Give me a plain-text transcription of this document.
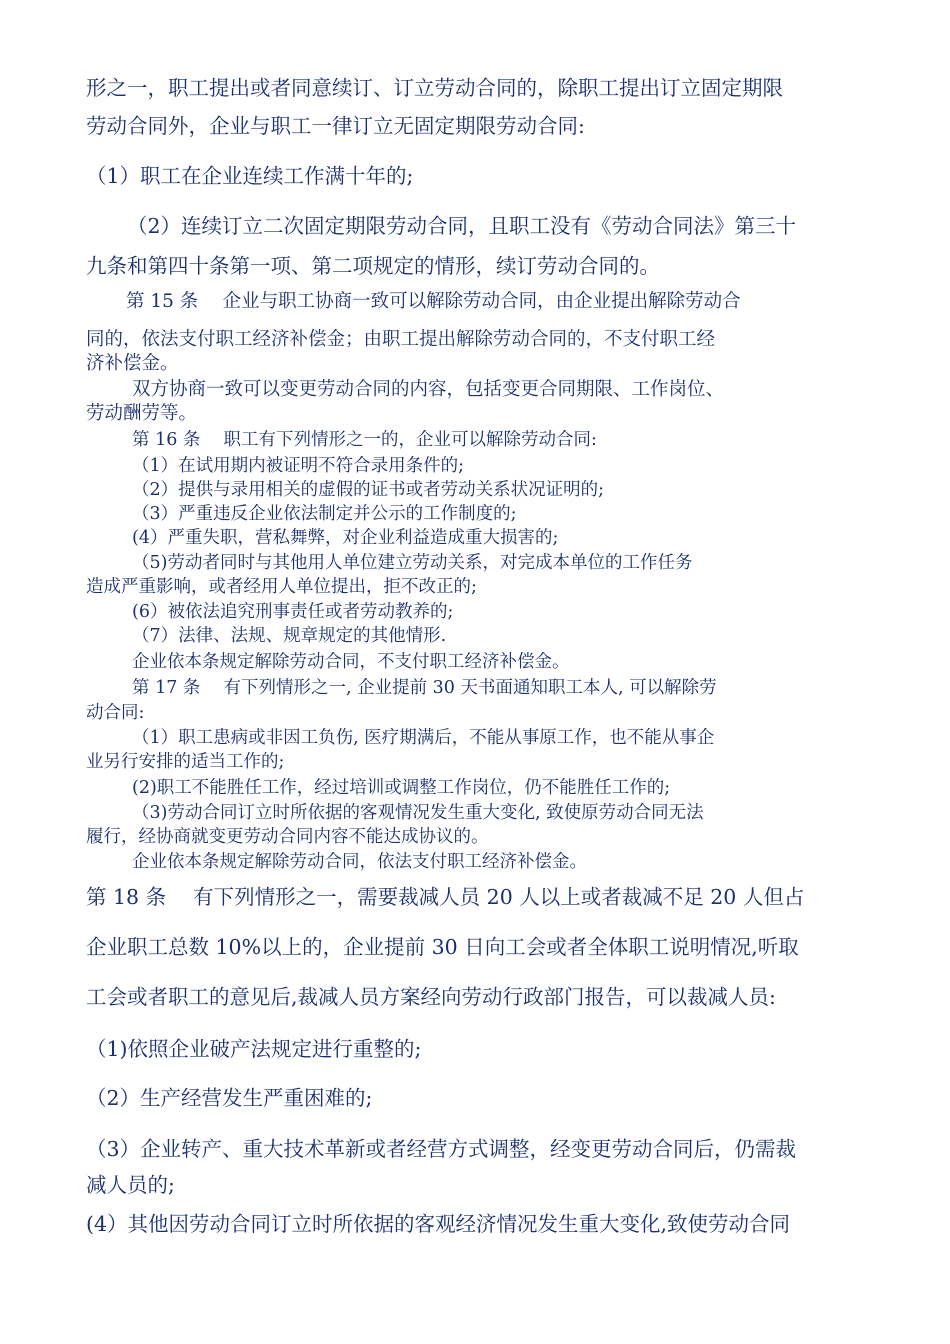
形之一，职工提出或者同意续订、订立劳动合同的，除职工提出订立固定期限
劳动合同外，企业与职工一律订立无固定期限劳动合同:
（1）职工在企业连续工作满十年的;
（2）连续订立二次固定期限劳动合同，且职工没有《劳动合同法》第三十
九条和第四十条第一项、第二项规定的情形，续订劳动合同的。
第 15 条　 企业与职工协商一致可以解除劳动合同，由企业提出解除劳动合
同的，依法支付职工经济补偿金；由职工提出解除劳动合同的，不支付职工经
济补偿金。
双方协商一致可以变更劳动合同的内容，包括变更合同期限、工作岗位、
劳动酬劳等。
第 16 条　 职工有下列情形之一的，企业可以解除劳动合同:
（1）在试用期内被证明不符合录用条件的;
（2）提供与录用相关的虚假的证书或者劳动关系状况证明的;
（3）严重违反企业依法制定并公示的工作制度的;
(4）严重失职，营私舞弊，对企业利益造成重大损害的;
（5)劳动者同时与其他用人单位建立劳动关系，对完成本单位的工作任务
造成严重影响，或者经用人单位提出，拒不改正的;
(6）被依法追究刑事责任或者劳动教养的;
（7）法律、法规、规章规定的其他情形.
企业依本条规定解除劳动合同，不支付职工经济补偿金。
第 17 条　 有下列情形之一, 企业提前 30 天书面通知职工本人, 可以解除劳
动合同:
（1）职工患病或非因工负伤, 医疗期满后，不能从事原工作，也不能从事企
业另行安排的适当工作的;
(2)职工不能胜任工作，经过培训或调整工作岗位，仍不能胜任工作的;
（3)劳动合同订立时所依据的客观情况发生重大变化, 致使原劳动合同无法
履行，经协商就变更劳动合同内容不能达成协议的。
企业依本条规定解除劳动合同，依法支付职工经济补偿金。
第 18 条　 有下列情形之一，需要裁减人员 20 人以上或者裁减不足 20 人但占
企业职工总数 10%以上的，企业提前 30 日向工会或者全体职工说明情况,听取
工会或者职工的意见后,裁减人员方案经向劳动行政部门报告，可以裁减人员:
（1)依照企业破产法规定进行重整的;
（2）生产经营发生严重困难的;
（3）企业转产、重大技术革新或者经营方式调整，经变更劳动合同后，仍需裁
减人员的;
(4）其他因劳动合同订立时所依据的客观经济情况发生重大变化,致使劳动合同
